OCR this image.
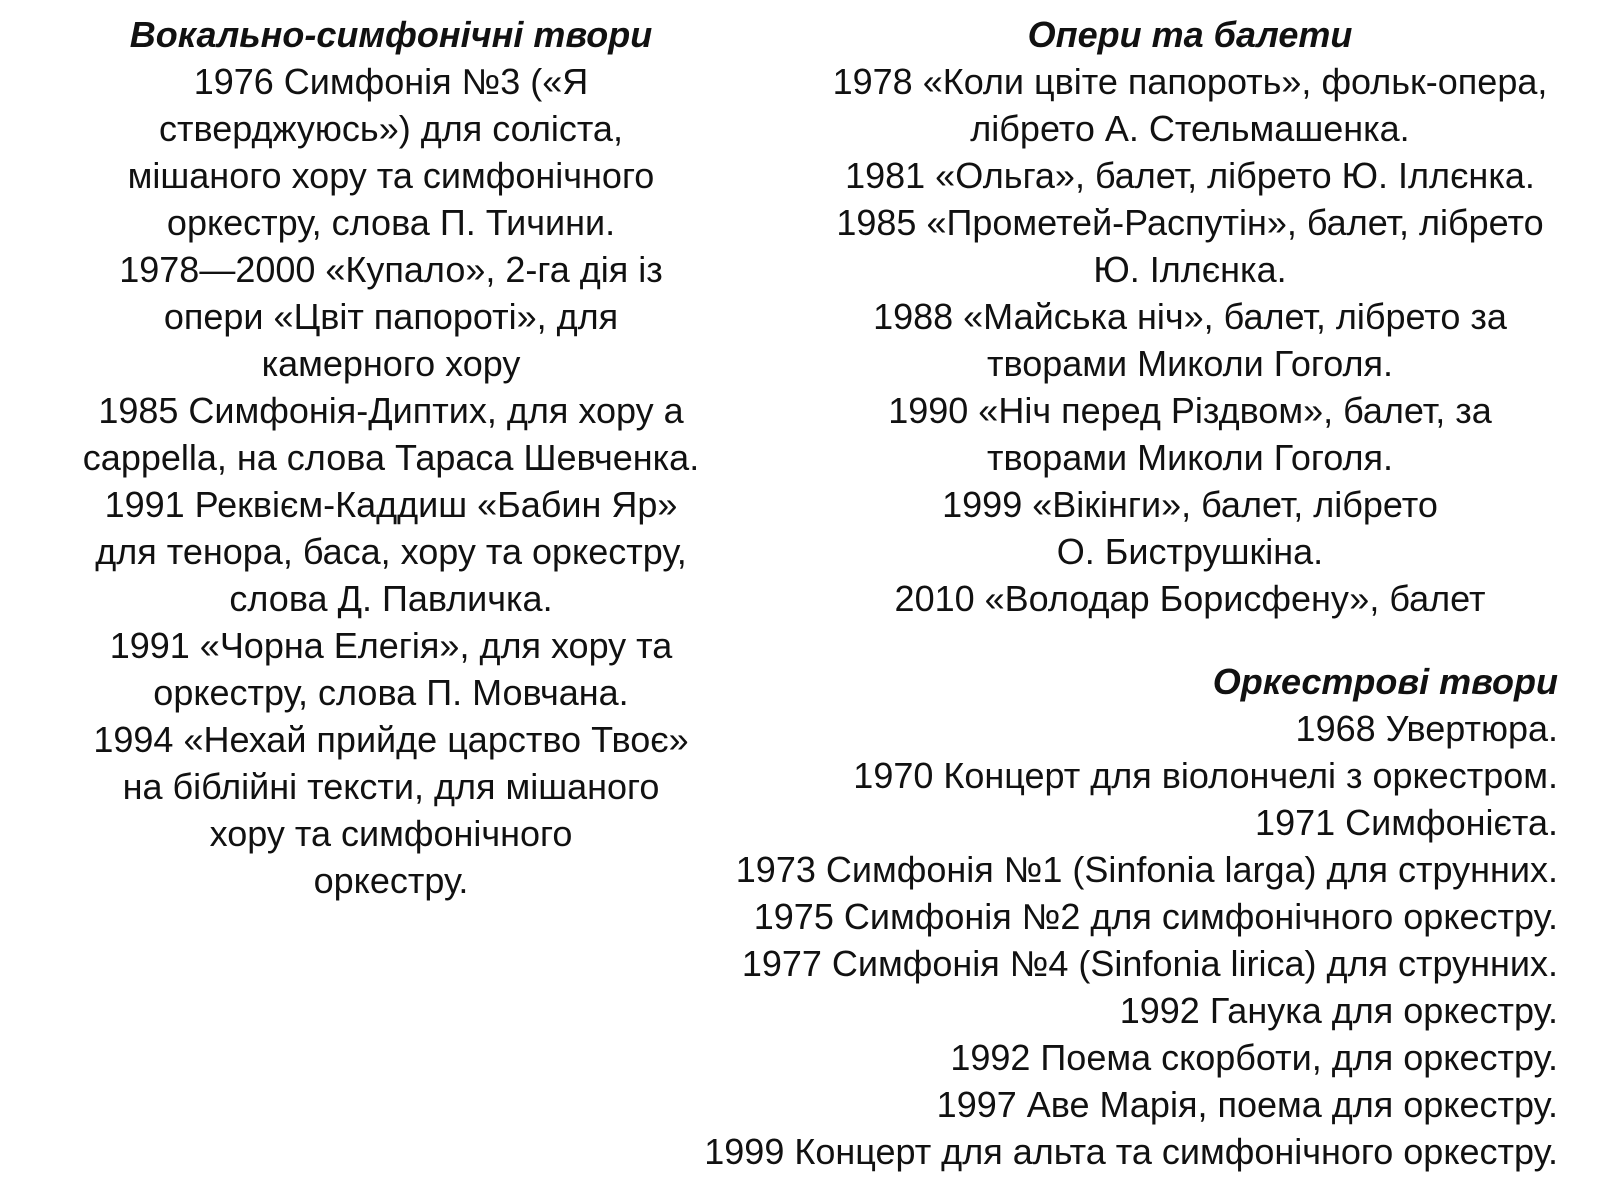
Вокально-симфонічні твори

1976 Симфонія №3 («Я

стверджуюсь») для соліста,

мішаного хору та симфонічного

оркестру, слова П. Тичини.

1978—2000 «Купало», 2-га дія із

опери «Цвіт папороті», для

камерного хору

1985 Симфонія-Диптих, для хору a

cappella, на слова Тараса Шевченка.

1991 Реквієм-Каддиш «Бабин Яр»

для тенора, баса, хору та оркестру,

слова Д. Павличка.

1991 «Чорна Елегія», для хору та

оркестру, слова П. Мовчана.

1994 «Нехай прийде царство Твоє»

на біблійні тексти, для мішаного

хору та симфонічного

оркестру.

Опери та балети

1978 «Коли цвіте папороть», фольк-опера,

лібрето А. Стельмашенка.

1981 «Ольга», балет, лібрето Ю. Іллєнка.

1985 «Прометей-Распутін», балет, лібрето

Ю. Іллєнка.

1988 «Майська ніч», балет, лібрето за

творами Миколи Гоголя.

1990 «Ніч перед Різдвом», балет, за

творами Миколи Гоголя.

1999 «Вікінги», балет, лібрето

О. Биструшкіна.

2010 «Володар Борисфену», балет

Оркестрові твори

1968 Увертюра.

1970 Концерт для віолончелі з оркестром.

1971 Симфонієта.

1973 Симфонія №1 (Sinfonia larga) для струнних.

1975 Симфонія №2 для симфонічного оркестру.

1977 Симфонія №4 (Sinfonia lirica) для струнних.

1992 Ганука для оркестру.

1992 Поема скорботи, для оркестру.

1997 Аве Марія, поема для оркестру.

1999 Концерт для альта та симфонічного оркестру.
